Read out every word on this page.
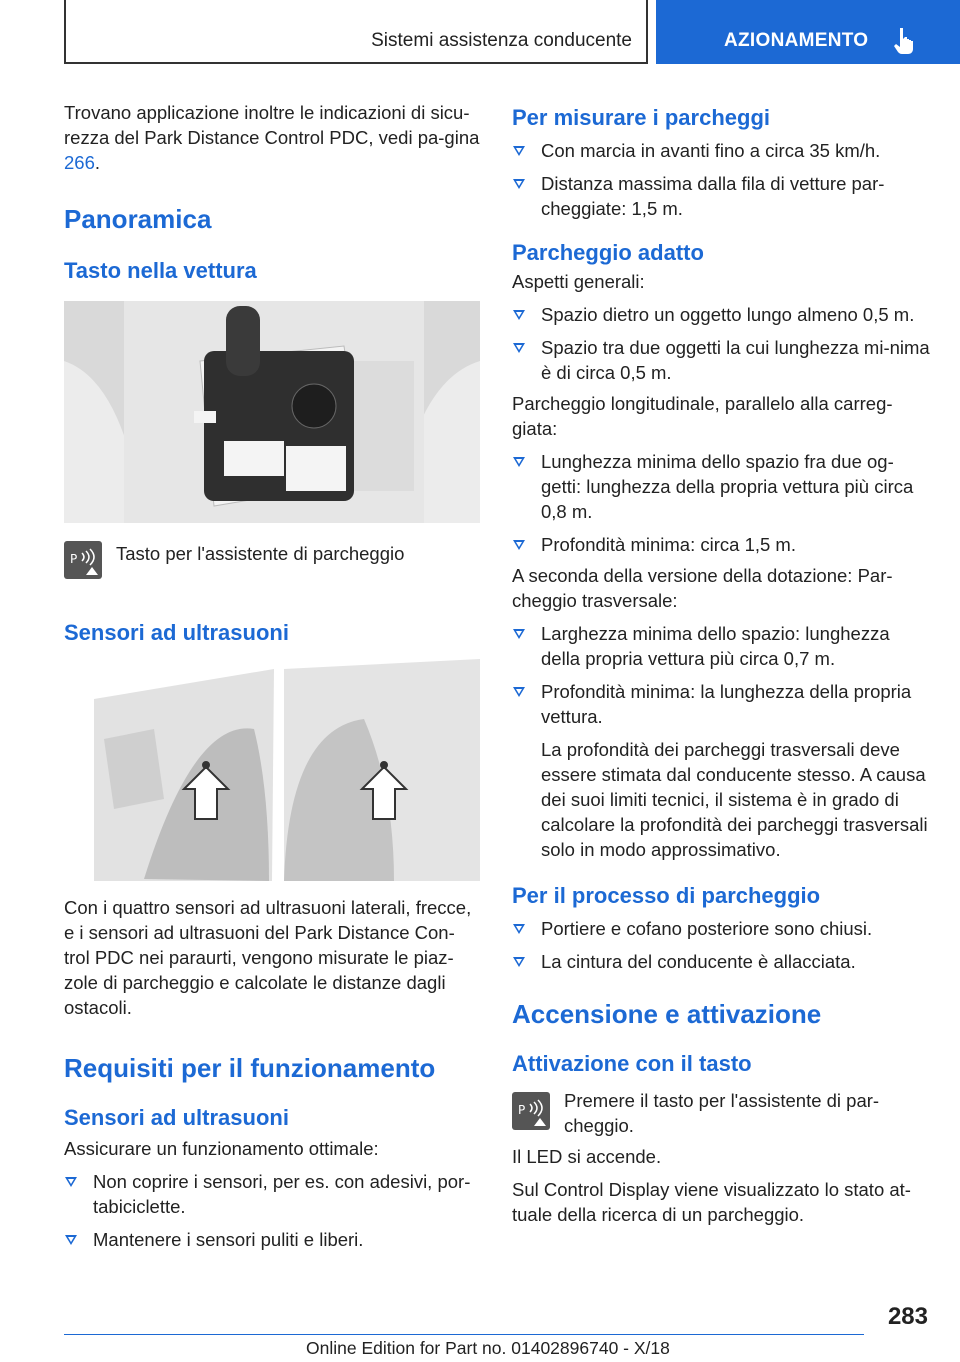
Sistemi assistenza conducente	AZIONAMENTO

Trovano applicazione inoltre le indicazioni di sicu-rezza del Park Distance Control PDC, vedi pa-gina 266.

Panoramica
Tasto nella vettura
P Tasto per l'assistente di parcheggio

Sensori ad ultrasuoni

Con i quattro sensori ad ultrasuoni laterali, frecce, e i sensori ad ultrasuoni del Park Distance Con-trol PDC nei paraurti, vengono misurate le piaz-zole di parcheggio e calcolate le distanze dagli ostacoli.

Requisiti per il funzionamento
Sensori ad ultrasuoni

Assicurare un funzionamento ottimale:

Non coprire i sensori, per es. con adesivi, por-tabiciclette.
Mantenere i sensori puliti e liberi.
Per misurare i parcheggi
Con marcia in avanti fino a circa 35 km/h.
Distanza massima dalla fila di vetture par-cheggiate: 1,5 m.
Parcheggio adatto

Aspetti generali:

Spazio dietro un oggetto lungo almeno 0,5 m.
Spazio tra due oggetti la cui lunghezza mi-nima è di circa 0,5 m.

Parcheggio longitudinale, parallelo alla carreg-giata:

Lunghezza minima dello spazio fra due og-getti: lunghezza della propria vettura più circa 0,8 m.
Profondità minima: circa 1,5 m.

A seconda della versione della dotazione: Par-cheggio trasversale:

Larghezza minima dello spazio: lunghezza della propria vettura più circa 0,7 m.
Profondità minima: la lunghezza della propria vettura.

La profondità dei parcheggi trasversali deve essere stimata dal conducente stesso. A causa dei suoi limiti tecnici, il sistema è in grado di calcolare la profondità dei parcheggi trasversali solo in modo approssimativo.

Per il processo di parcheggio
Portiere e cofano posteriore sono chiusi.
La cintura del conducente è allacciata.
Accensione e attivazione
Attivazione con il tasto
P Premere il tasto per l'assistente di par-cheggio.

Il LED si accende.

Sul Control Display viene visualizzato lo stato at-tuale della ricerca di un parcheggio.

283
Online Edition for Part no. 01402896740 - X/18
